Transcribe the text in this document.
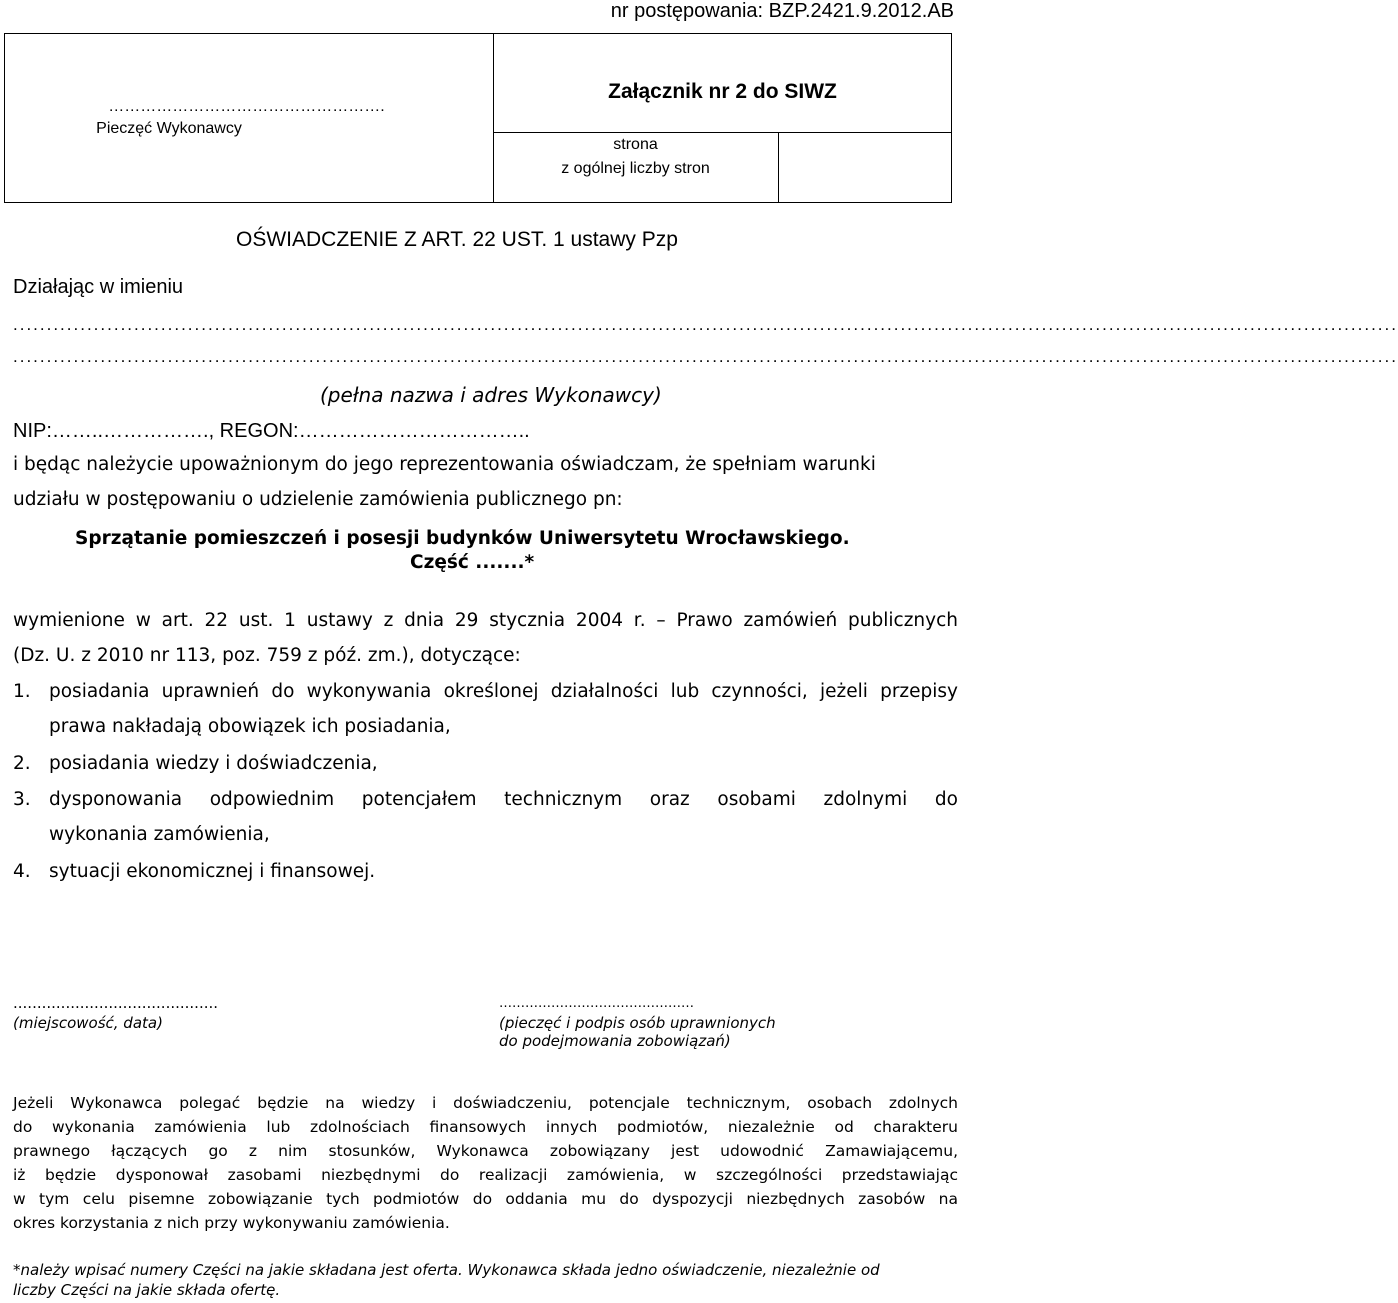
nr postępowania: BZP.2421.9.2012.AB
…………………………………………….
Pieczęć Wykonawcy
Załącznik nr 2 do SIWZ
strona
z ogólnej liczby stron
OŚWIADCZENIE Z ART. 22 UST. 1 ustawy Pzp
Działając w imieniu
..............................................................................................................................................................................................................
..............................................................................................................................................................................................................
(pełna nazwa i adres Wykonawcy)
NIP:……..……………., REGON:……………………………..
i będąc należycie upoważnionym do jego reprezentowania oświadczam, że spełniam warunki
udziału w postępowaniu o udzielenie zamówienia publicznego pn:
Sprzątanie pomieszczeń i posesji budynków Uniwersytetu Wrocławskiego.
Część .......*
wymienione w art. 22 ust. 1 ustawy z dnia 29 stycznia 2004 r. – Prawo zamówień publicznych
(Dz. U. z 2010 nr 113, poz. 759 z póź. zm.), dotyczące:
1. posiadania uprawnień do wykonywania określonej działalności lub czynności, jeżeli przepisy
prawa nakładają obowiązek ich posiadania,
2. posiadania wiedzy i doświadczenia,
3. dysponowania odpowiednim potencjałem technicznym oraz osobami zdolnymi do
wykonania zamówienia,
4. sytuacji ekonomicznej i finansowej.
...........................................
(miejscowość, data)
………………………………………
(pieczęć i podpis osób uprawnionych
do podejmowania zobowiązań)
Jeżeli Wykonawca polegać będzie na wiedzy i doświadczeniu, potencjale technicznym, osobach zdolnych
do wykonania zamówienia lub zdolnościach finansowych innych podmiotów, niezależnie od charakteru
prawnego łączących go z nim stosunków, Wykonawca zobowiązany jest udowodnić Zamawiającemu,
iż będzie dysponował zasobami niezbędnymi do realizacji zamówienia, w szczególności przedstawiając
w tym celu pisemne zobowiązanie tych podmiotów do oddania mu do dyspozycji niezbędnych zasobów na
okres korzystania z nich przy wykonywaniu zamówienia.
*należy wpisać numery Części na jakie składana jest oferta. Wykonawca składa jedno oświadczenie, niezależnie od
liczby Części na jakie składa ofertę.
